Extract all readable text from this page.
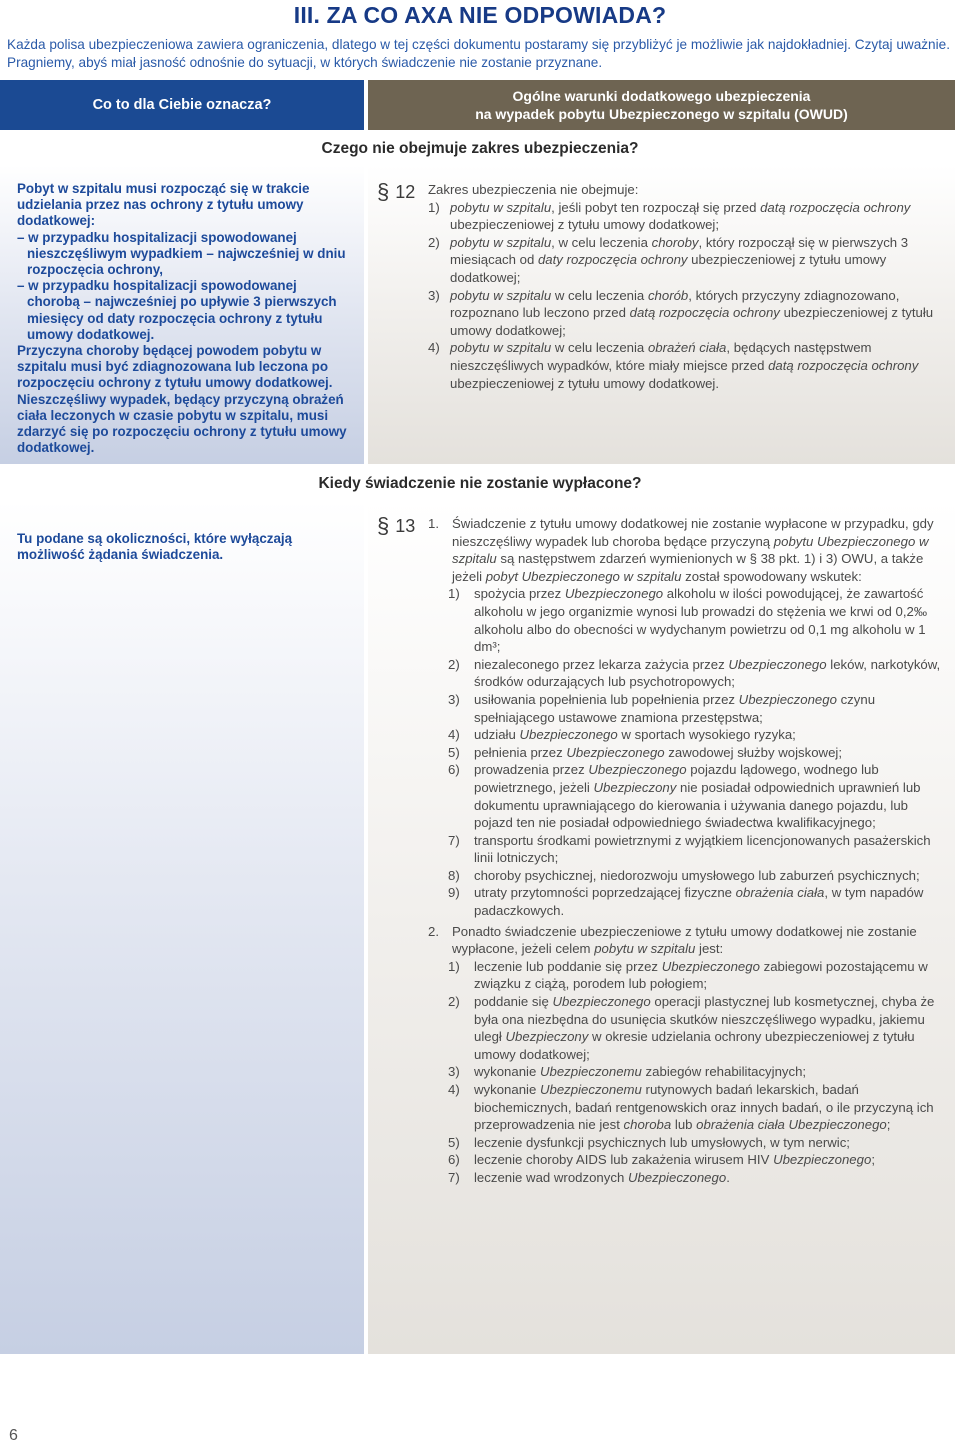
III. ZA CO AXA NIE ODPOWIADA?
Każda polisa ubezpieczeniowa zawiera ograniczenia, dlatego w tej części dokumentu postaramy się przybliżyć je możliwie jak najdokładniej. Czytaj uważnie.
Pragniemy, abyś miał jasność odnośnie do sytuacji, w których świadczenie nie zostanie przyznane.
Co to dla Ciebie oznacza?
Ogólne warunki dodatkowego ubezpieczenia
na wypadek pobytu Ubezpieczonego w szpitalu (OWUD)
Czego nie obejmuje zakres ubezpieczenia?

Pobyt w szpitalu musi rozpocząć się w trakcie udzielania przez nas ochrony z tytułu umowy dodatkowej:

– w przypadku hospitalizacji spowodowanej nieszczęśliwym wypadkiem – najwcześniej w dniu rozpoczęcia ochrony,

– w przypadku hospitalizacji spowodowanej chorobą – najwcześniej po upływie 3 pierwszych miesięcy od daty rozpoczęcia ochrony z tytułu umowy dodatkowej.

Przyczyna choroby będącej powodem pobytu w szpitalu musi być zdiagnozowana lub leczona po rozpoczęciu ochrony z tytułu umowy dodatkowej.

Nieszczęśliwy wypadek, będący przyczyną obrażeń ciała leczonych w czasie pobytu w szpitalu, musi zdarzyć się po rozpoczęciu ochrony z tytułu umowy dodatkowej.

§ 12 Zakres ubezpieczenia nie obejmuje:

1) pobytu w szpitalu, jeśli pobyt ten rozpoczął się przed datą rozpoczęcia ochrony ubezpieczeniowej z tytułu umowy dodatkowej;
2) pobytu w szpitalu, w celu leczenia choroby, który rozpoczął się w pierwszych 3 miesiącach od daty rozpoczęcia ochrony ubezpieczeniowej z tytułu umowy dodatkowej;
3) pobytu w szpitalu w celu leczenia chorób, których przyczyny zdiagnozowano, rozpoznano lub leczono przed datą rozpoczęcia ochrony ubezpieczeniowej z tytułu umowy dodatkowej;
4) pobytu w szpitalu w celu leczenia obrażeń ciała, będących następstwem nieszczęśliwych wypadków, które miały miejsce przed datą rozpoczęcia ochrony ubezpieczeniowej z tytułu umowy dodatkowej.
Kiedy świadczenie nie zostanie wypłacone?
Tu podane są okoliczności, które wyłączają możliwość żądania świadczenia.
§ 13 1. Świadczenie z tytułu umowy dodatkowej nie zostanie wypłacone w przypadku, gdy nieszczęśliwy wypadek lub choroba będące przyczyną pobytu Ubezpieczonego w szpitalu są następstwem zdarzeń wymienionych w § 38 pkt. 1) i 3) OWU, a także jeżeli pobyt Ubezpieczonego w szpitalu został spowodowany wskutek:
1)	spożycia przez Ubezpieczonego alkoholu w ilości powodującej, że zawartość alkoholu w jego organizmie wynosi lub prowadzi do stężenia we krwi od 0,2‰ alkoholu albo do obecności w wydychanym powietrzu od 0,1 mg alkoholu w 1 dm³;
2)	niezaleconego przez lekarza zażycia przez Ubezpieczonego leków, narkotyków, środków odurzających lub psychotropowych;
3)	usiłowania popełnienia lub popełnienia przez Ubezpieczonego czynu spełniającego ustawowe znamiona przestępstwa;
4)	udziału Ubezpieczonego w sportach wysokiego ryzyka;
5)	pełnienia przez Ubezpieczonego zawodowej służby wojskowej;
6)	prowadzenia przez Ubezpieczonego pojazdu lądowego, wodnego lub powietrznego, jeżeli Ubezpieczony nie posiadał odpowiednich uprawnień lub dokumentu uprawniającego do kierowania i używania danego pojazdu, lub pojazd ten nie posiadał odpowiedniego świadectwa kwalifikacyjnego;
7)	transportu środkami powietrznymi z wyjątkiem licencjonowanych pasażerskich linii lotniczych;
8)	choroby psychicznej, niedorozwoju umysłowego lub zaburzeń psychicznych;
9)	utraty przytomności poprzedzającej fizyczne obrażenia ciała, w tym napadów padaczkowych.
2. Ponadto świadczenie ubezpieczeniowe z tytułu umowy dodatkowej nie zostanie wypłacone, jeżeli celem pobytu w szpitalu jest:
1)	leczenie lub poddanie się przez Ubezpieczonego zabiegowi pozostającemu w związku z ciążą, porodem lub połogiem;
2)	poddanie się Ubezpieczonego operacji plastycznej lub kosmetycznej, chyba że była ona niezbędna do usunięcia skutków nieszczęśliwego wypadku, jakiemu uległ Ubezpieczony w okresie udzielania ochrony ubezpieczeniowej z tytułu umowy dodatkowej;
3)	wykonanie Ubezpieczonemu zabiegów rehabilitacyjnych;
4)	wykonanie Ubezpieczonemu rutynowych badań lekarskich, badań biochemicznych, badań rentgenowskich oraz innych badań, o ile przyczyną ich przeprowadzenia nie jest choroba lub obrażenia ciała Ubezpieczonego;
5)	leczenie dysfunkcji psychicznych lub umysłowych, w tym nerwic;
6)	leczenie choroby AIDS lub zakażenia wirusem HIV Ubezpieczonego;
7)	leczenie wad wrodzonych Ubezpieczonego.
6
